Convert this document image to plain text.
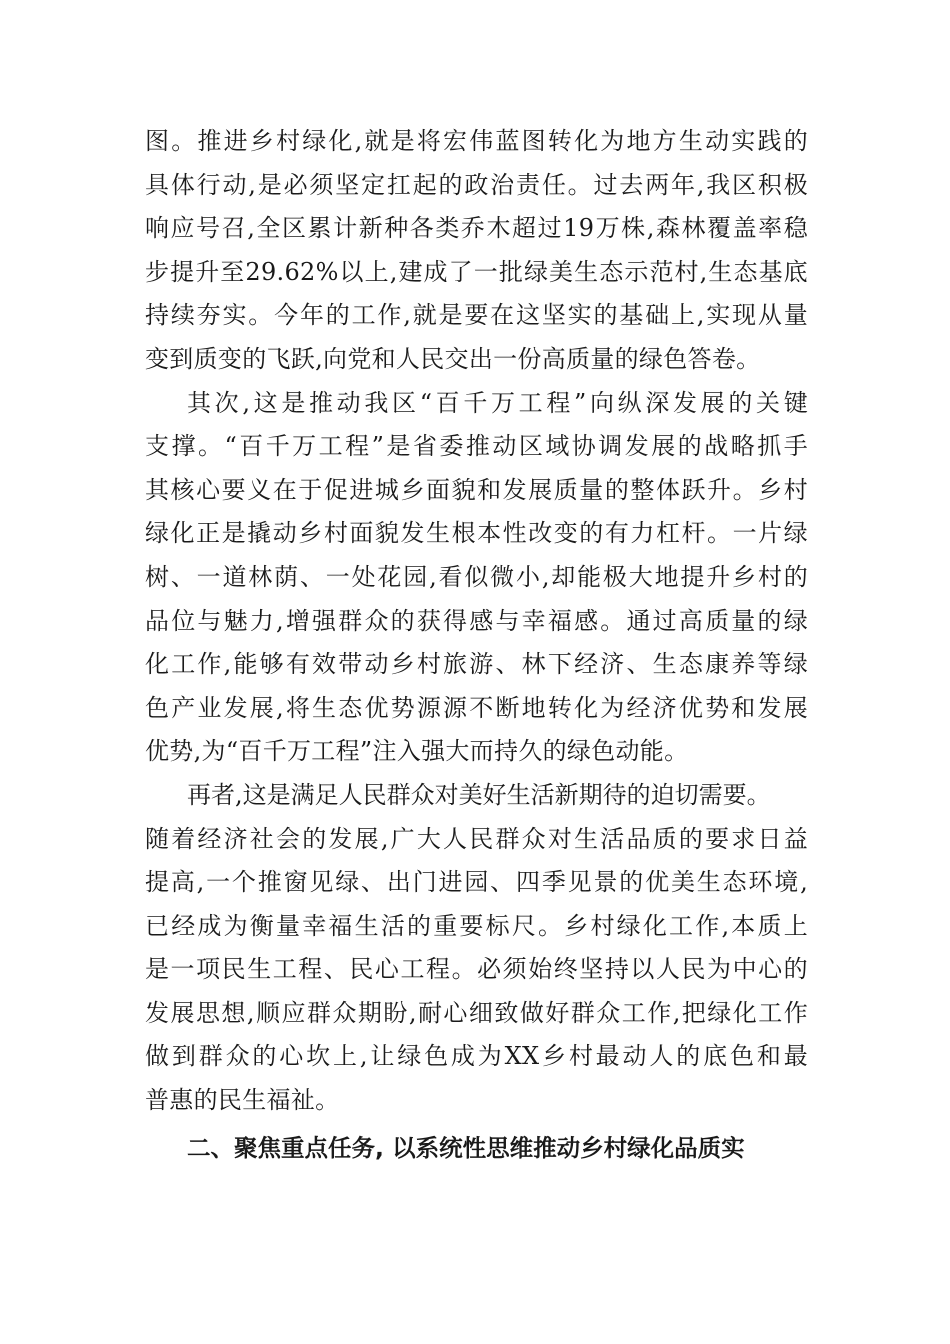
图。推进乡村绿化,就是将宏伟蓝图转化为地方生动实践的
具体行动,是必须坚定扛起的政治责任。过去两年,我区积极
响应号召,全区累计新种各类乔木超过19万株,森林覆盖率稳
步提升至29.62%以上,建成了一批绿美生态示范村,生态基底
持续夯实。今年的工作,就是要在这坚实的基础上,实现从量
变到质变的飞跃,向党和人民交出一份高质量的绿色答卷。
其次,这是推动我区“百千万工程”向纵深发展的关键
支撑。“百千万工程”是省委推动区域协调发展的战略抓手
其核心要义在于促进城乡面貌和发展质量的整体跃升。乡村
绿化正是撬动乡村面貌发生根本性改变的有力杠杆。一片绿
树、一道林荫、一处花园,看似微小,却能极大地提升乡村的
品位与魅力,增强群众的获得感与幸福感。通过高质量的绿
化工作,能够有效带动乡村旅游、林下经济、生态康养等绿
色产业发展,将生态优势源源不断地转化为经济优势和发展
优势,为“百千万工程”注入强大而持久的绿色动能。
再者,这是满足人民群众对美好生活新期待的迫切需要。
随着经济社会的发展,广大人民群众对生活品质的要求日益
提高,一个推窗见绿、出门进园、四季见景的优美生态环境,
已经成为衡量幸福生活的重要标尺。乡村绿化工作,本质上
是一项民生工程、民心工程。必须始终坚持以人民为中心的
发展思想,顺应群众期盼,耐心细致做好群众工作,把绿化工作
做到群众的心坎上,让绿色成为XX乡村最动人的底色和最
普惠的民生福祉。
二、聚焦重点任务, 以系统性思维推动乡村绿化品质实
